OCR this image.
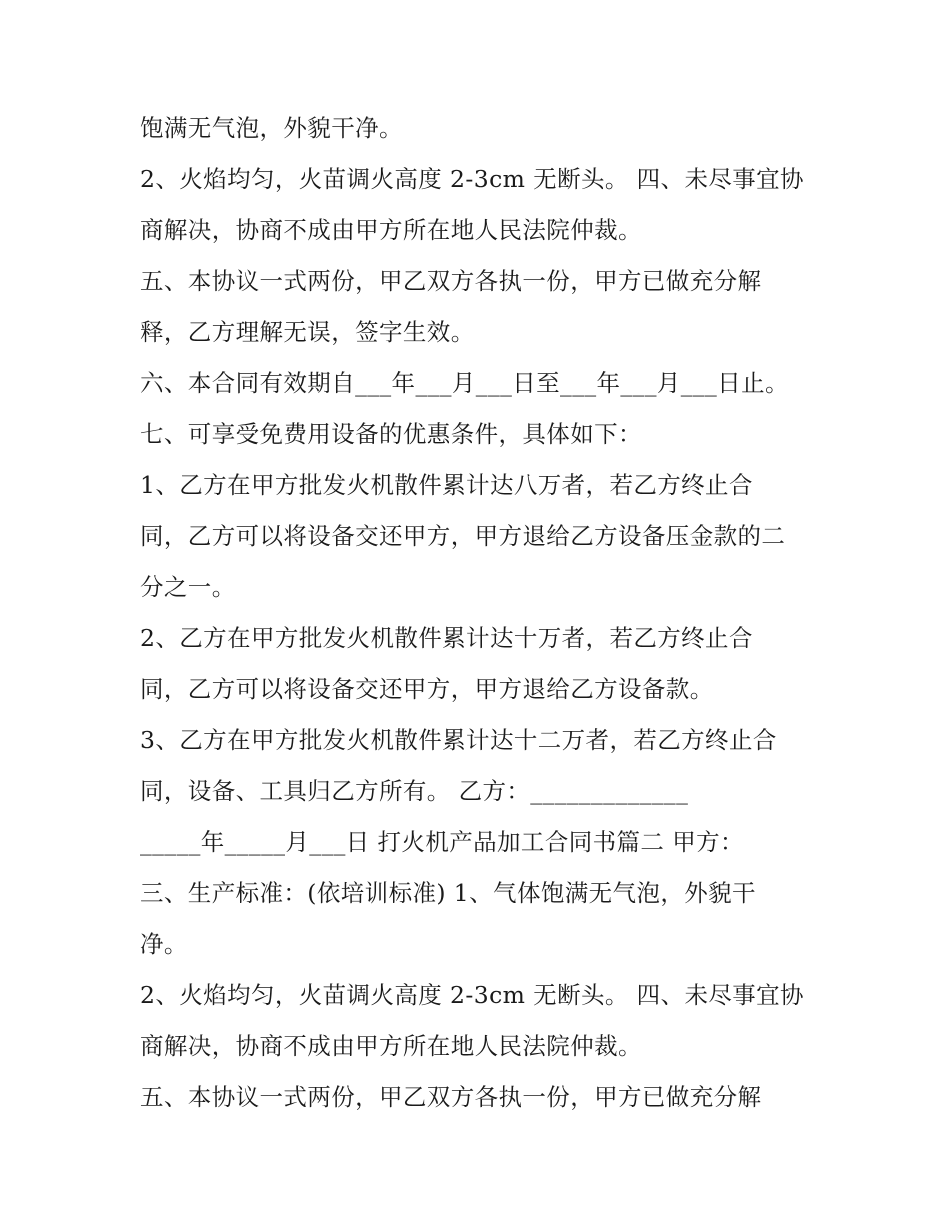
饱满无气泡，外貌干净。
2、火焰均匀，火苗调火高度 2-3cm 无断头。 四、未尽事宜协
商解决，协商不成由甲方所在地人民法院仲裁。
五、本协议一式两份，甲乙双方各执一份，甲方已做充分解
释，乙方理解无误，签字生效。
六、本合同有效期自___年___月___日至___年___月___日止。
七、可享受免费用设备的优惠条件，具体如下：
1、乙方在甲方批发火机散件累计达八万者，若乙方终止合
同，乙方可以将设备交还甲方，甲方退给乙方设备压金款的二
分之一。
2、乙方在甲方批发火机散件累计达十万者，若乙方终止合
同，乙方可以将设备交还甲方，甲方退给乙方设备款。
3、乙方在甲方批发火机散件累计达十二万者，若乙方终止合
同，设备、工具归乙方所有。 乙方：_____________
_____年_____月___日 打火机产品加工合同书篇二 甲方：
三、生产标准：(依培训标准) 1、气体饱满无气泡，外貌干
净。
2、火焰均匀，火苗调火高度 2-3cm 无断头。 四、未尽事宜协
商解决，协商不成由甲方所在地人民法院仲裁。
五、本协议一式两份，甲乙双方各执一份，甲方已做充分解
